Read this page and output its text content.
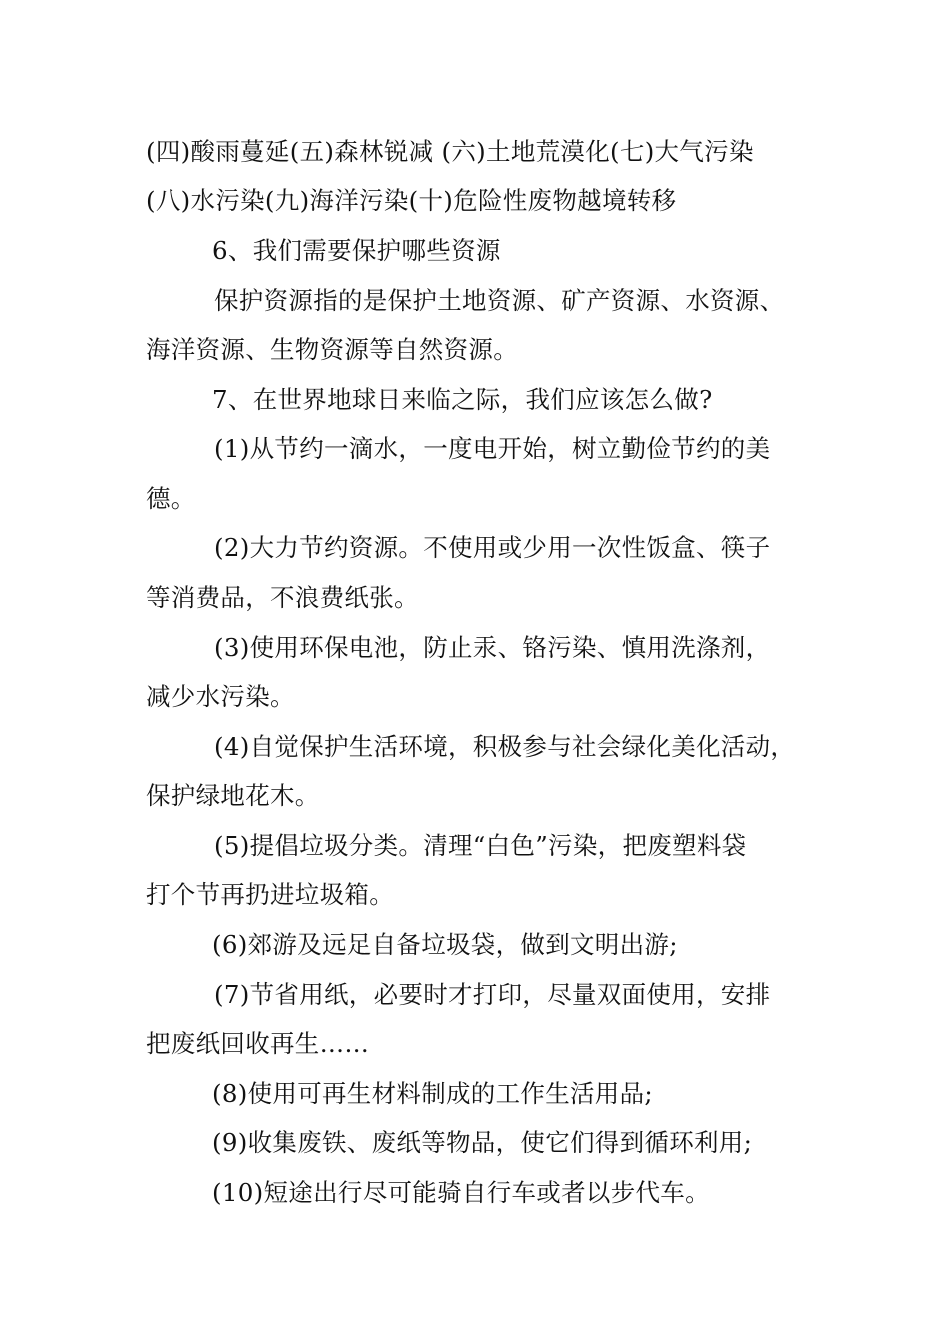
(四)酸雨蔓延(五)森林锐减 (六)土地荒漠化(七)大气污染
(八)水污染(九)海洋污染(十)危险性废物越境转移
6、我们需要保护哪些资源
保护资源指的是保护土地资源、矿产资源、水资源、
海洋资源、生物资源等自然资源。
7、在世界地球日来临之际，我们应该怎么做?
(1)从节约一滴水，一度电开始，树立勤俭节约的美
德。
(2)大力节约资源。不使用或少用一次性饭盒、筷子
等消费品，不浪费纸张。
(3)使用环保电池，防止汞、铬污染、慎用洗涤剂，
减少水污染。
(4)自觉保护生活环境，积极参与社会绿化美化活动，
保护绿地花木。
(5)提倡垃圾分类。清理“白色”污染，把废塑料袋
打个节再扔进垃圾箱。
(6)郊游及远足自备垃圾袋，做到文明出游;
(7)节省用纸，必要时才打印，尽量双面使用，安排
把废纸回收再生……
(8)使用可再生材料制成的工作生活用品;
(9)收集废铁、废纸等物品，使它们得到循环利用;
(10)短途出行尽可能骑自行车或者以步代车。
